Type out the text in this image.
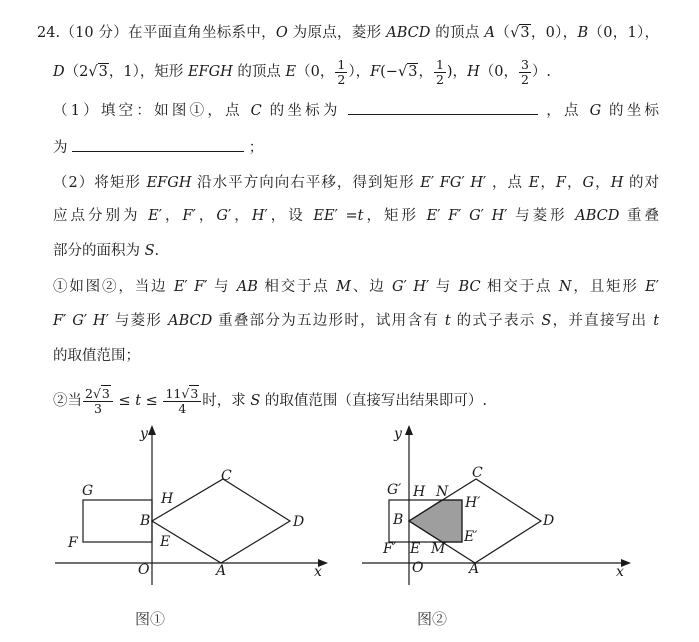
24.（10 分）在平面直角坐标系中，O 为原点，菱形 ABCD 的顶点 A（ √ 3，0），B（0，1），
D（2 √ 3，1），矩形 EFGH 的顶点 E（0， $\frac{1}{2}$ ），F(− √ 3， $\frac{1}{2}$ )，H（0， $\frac{3}{2}$ ）.
（1）填空：如图①，点 C 的坐标为	，点 G 的坐标
为	；
（2）将矩形 EFGH 沿水平方向向右平移，得到矩形 E′ FG′ H′ ，点 E，F，G，H 的对
应点分别为 E′，F′，G′，H′，设 EE′ =t，矩形 E′ F′ G′ H′ 与菱形 ABCD 重叠
部分的面积为 S.
①如图②，当边 E′ F′ 与 AB 相交于点 M、边 G′ H′ 与 BC 相交于点 N，且矩形 E′
F′ G′ H′ 与菱形 ABCD 重叠部分为五边形时，试用含有 t 的式子表示 S，并直接写出 t
的取值范围；
②当 $\frac{2 √ 3}{3} \le t \le \frac{11 √ 3}{4}$ 时，求 S 的取值范围（直接写出结果即可）.
G	H
B
F	E
O	A
C
D
x
y
G′ H N
H′
B
E′
F′ E M
O	A
C
D
x
y
图①	图②
